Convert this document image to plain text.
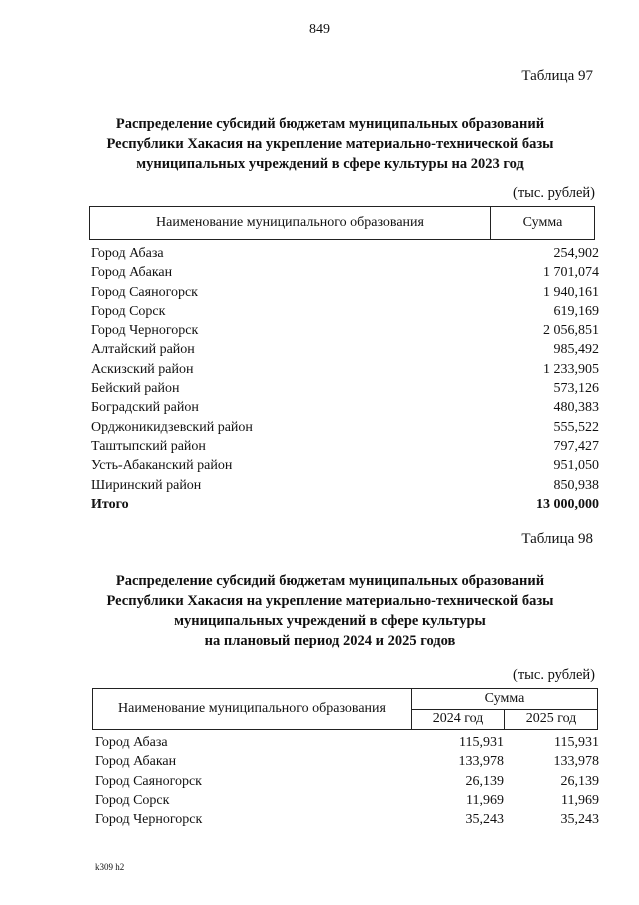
849
Таблица 97
Распределение субсидий бюджетам муниципальных образований
Республики Хакасия на укрепление материально-технической базы
муниципальных учреждений в сфере культуры на 2023 год
(тыс. рублей)
Наименование муниципального образования	Сумма
Город Абаза	254,902
Город Абакан	1 701,074
Город Саяногорск	1 940,161
Город Сорск	619,169
Город Черногорск	2 056,851
Алтайский район	985,492
Аскизский район	1 233,905
Бейский район	573,126
Боградский район	480,383
Орджоникидзевский район	555,522
Таштыпский район	797,427
Усть-Абаканский район	951,050
Ширинский район	850,938
Итого	13 000,000
Таблица 98
Распределение субсидий бюджетам муниципальных образований
Республики Хакасия на укрепление материально-технической базы
муниципальных учреждений в сфере культуры
на плановый период 2024 и 2025 годов
(тыс. рублей)
Наименование муниципального образования	Сумма	
	2024 год	2025 год
Город Абаза	115,931	115,931
Город Абакан	133,978	133,978
Город Саяногорск	26,139	26,139
Город Сорск	11,969	11,969
Город Черногорск	35,243	35,243
k309 h2
